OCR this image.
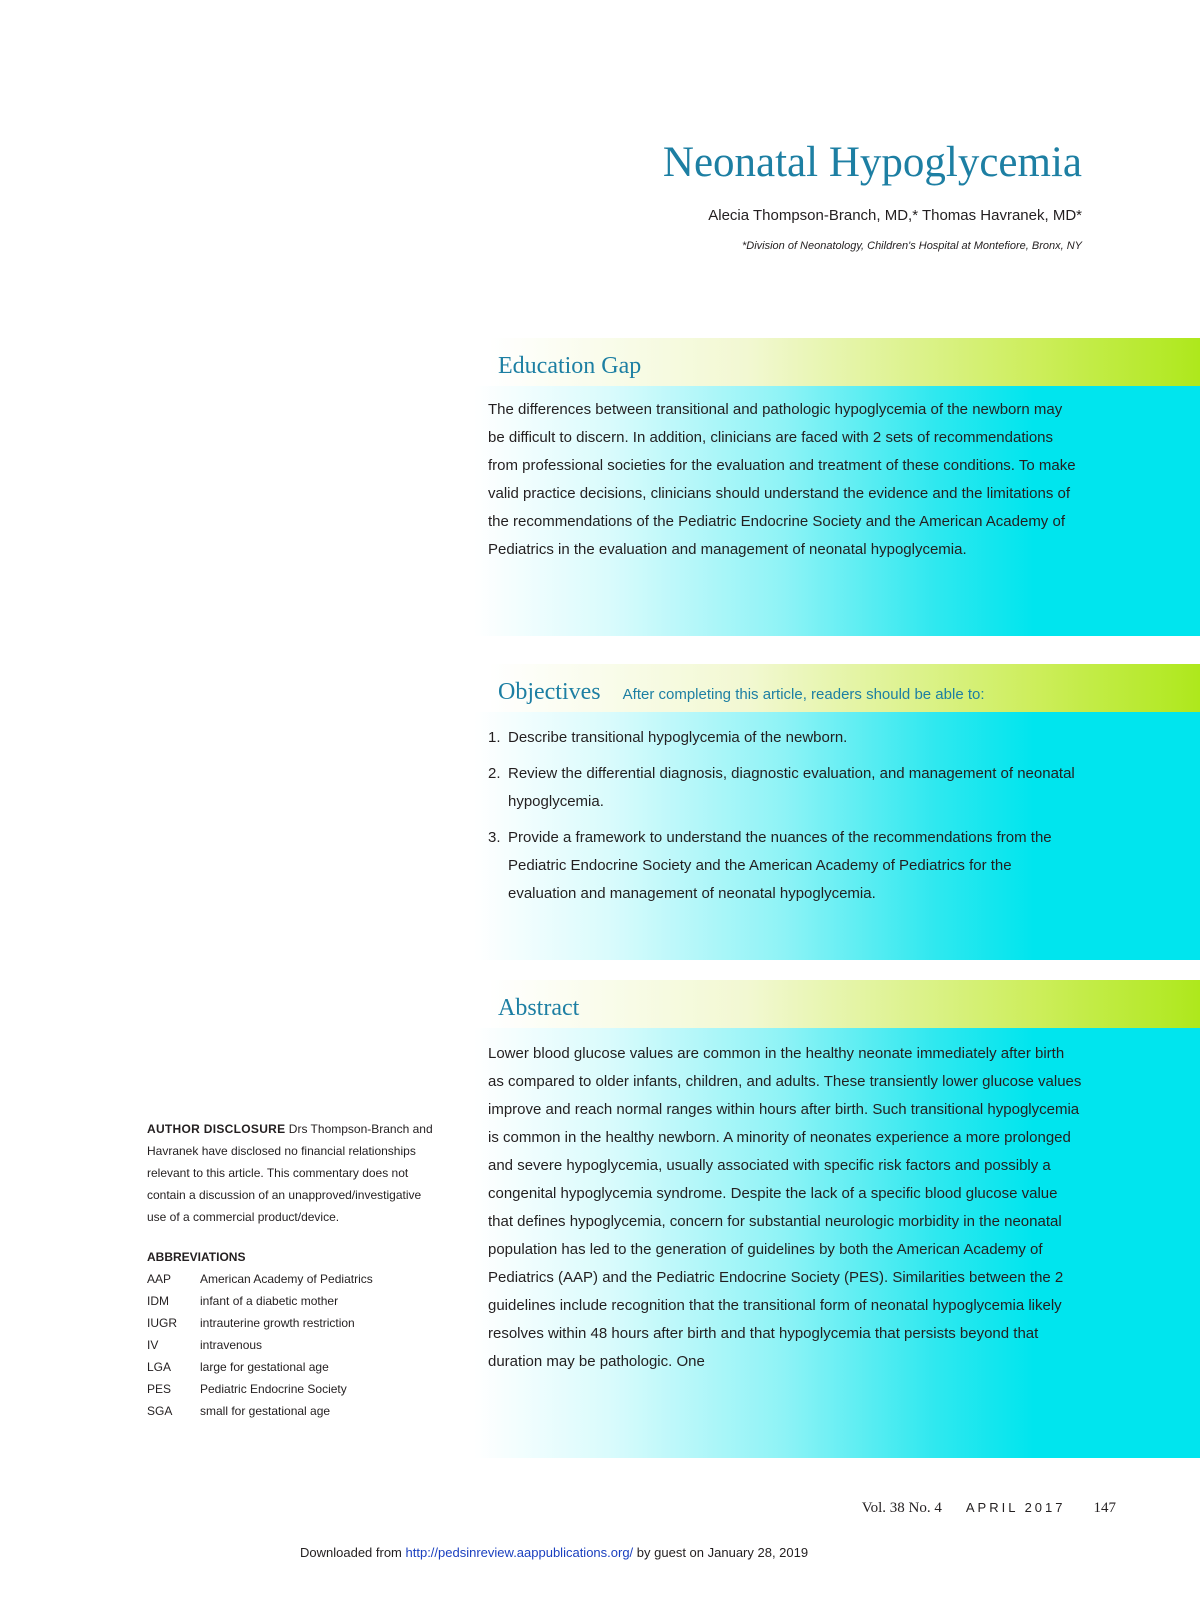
Neonatal Hypoglycemia
Alecia Thompson-Branch, MD,* Thomas Havranek, MD*
*Division of Neonatology, Children's Hospital at Montefiore, Bronx, NY
Education Gap

The differences between transitional and pathologic hypoglycemia of the newborn may be difficult to discern. In addition, clinicians are faced with 2 sets of recommendations from professional societies for the evaluation and treatment of these conditions. To make valid practice decisions, clinicians should understand the evidence and the limitations of the recommendations of the Pediatric Endocrine Society and the American Academy of Pediatrics in the evaluation and management of neonatal hypoglycemia.

Objectives After completing this article, readers should be able to:
1. Describe transitional hypoglycemia of the newborn.
2. Review the differential diagnosis, diagnostic evaluation, and management of neonatal hypoglycemia.
3. Provide a framework to understand the nuances of the recommendations from the Pediatric Endocrine Society and the American Academy of Pediatrics for the evaluation and management of neonatal hypoglycemia.
Abstract

Lower blood glucose values are common in the healthy neonate immediately after birth as compared to older infants, children, and adults. These transiently lower glucose values improve and reach normal ranges within hours after birth. Such transitional hypoglycemia is common in the healthy newborn. A minority of neonates experience a more prolonged and severe hypoglycemia, usually associated with specific risk factors and possibly a congenital hypoglycemia syndrome. Despite the lack of a specific blood glucose value that defines hypoglycemia, concern for substantial neurologic morbidity in the neonatal population has led to the generation of guidelines by both the American Academy of Pediatrics (AAP) and the Pediatric Endocrine Society (PES). Similarities between the 2 guidelines include recognition that the transitional form of neonatal hypoglycemia likely resolves within 48 hours after birth and that hypoglycemia that persists beyond that duration may be pathologic. One

AUTHOR DISCLOSURE Drs Thompson-Branch and Havranek have disclosed no financial relationships relevant to this article. This commentary does not contain a discussion of an unapproved/investigative use of a commercial product/device.
ABBREVIATIONS
AAP	American Academy of Pediatrics
IDM	infant of a diabetic mother
IUGR	intrauterine growth restriction
IV	intravenous
LGA	large for gestational age
PES	Pediatric Endocrine Society
SGA	small for gestational age
Vol. 38 No. 4 APRIL 2017 147
Downloaded from http://pedsinreview.aappublications.org/ by guest on January 28, 2019
